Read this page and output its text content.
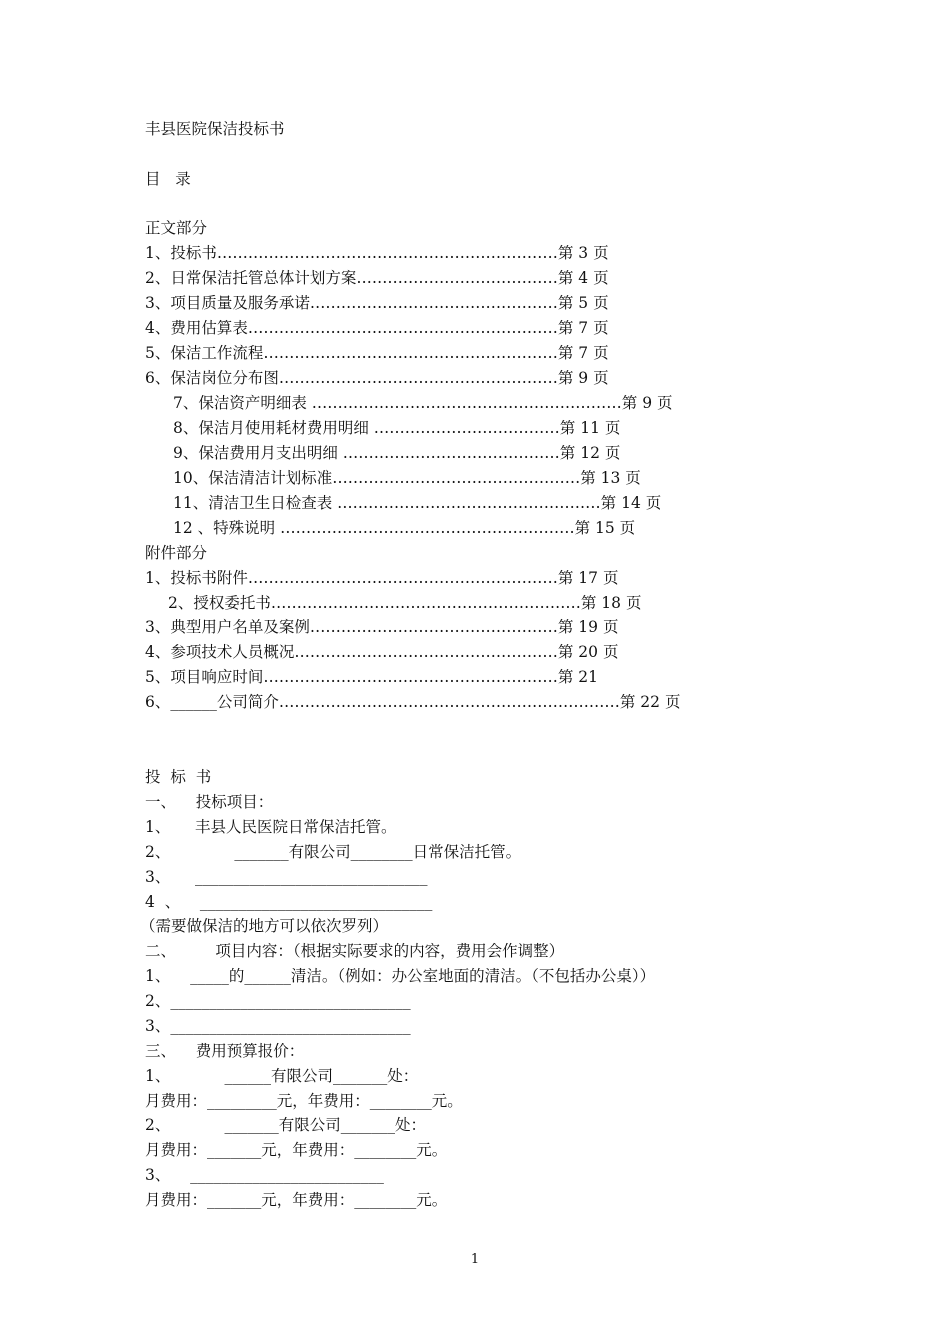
丰县医院保洁投标书
目   录
正文部分
1、投标书…………………………………………………………第 3 页
2、日常保洁托管总体计划方案…………………………………第 4 页
3、项目质量及服务承诺…………………………………………第 5 页
4、费用估算表……………………………………………………第 7 页
5、保洁工作流程…………………………………………………第 7 页
6、保洁岗位分布图………………………………………………第 9 页
7、保洁资产明细表 ……………………………………………………第 9 页
8、保洁月使用耗材费用明细 ………………………………第 11 页
9、保洁费用月支出明细 ……………………………………第 12 页
10、保洁清洁计划标准…………………………………………第 13 页
11、清洁卫生日检查表 ……………………………………………第 14 页
12 、特殊说明 …………………………………………………第 15 页
附件部分
1、投标书附件……………………………………………………第 17 页
2、授权委托书……………………………………………………第 18 页
3、典型用户名单及案例…………………………………………第 19 页
4、参项技术人员概况……………………………………………第 20 页
5、项目响应时间…………………………………………………第 21
6、______公司简介…………………………………………………………第 22 页
投  标  书
一、    投标项目：
1、     丰县人民医院日常保洁托管。
2、             _______有限公司________日常保洁托管。
3、     ______________________________
4  、    ______________________________
（需要做保洁的地方可以依次罗列）
二、        项目内容：（根据实际要求的内容，费用会作调整）
1、    _____的______清洁。（例如：办公室地面的清洁。（不包括办公桌））
2、_______________________________
3、_______________________________
三、    费用预算报价：
1、           ______有限公司_______处：
月费用：_________元，年费用：________元。
2、           _______有限公司_______处：
月费用：_______元，年费用：________元。
3、    _________________________
月费用：_______元，年费用：________元。
1
